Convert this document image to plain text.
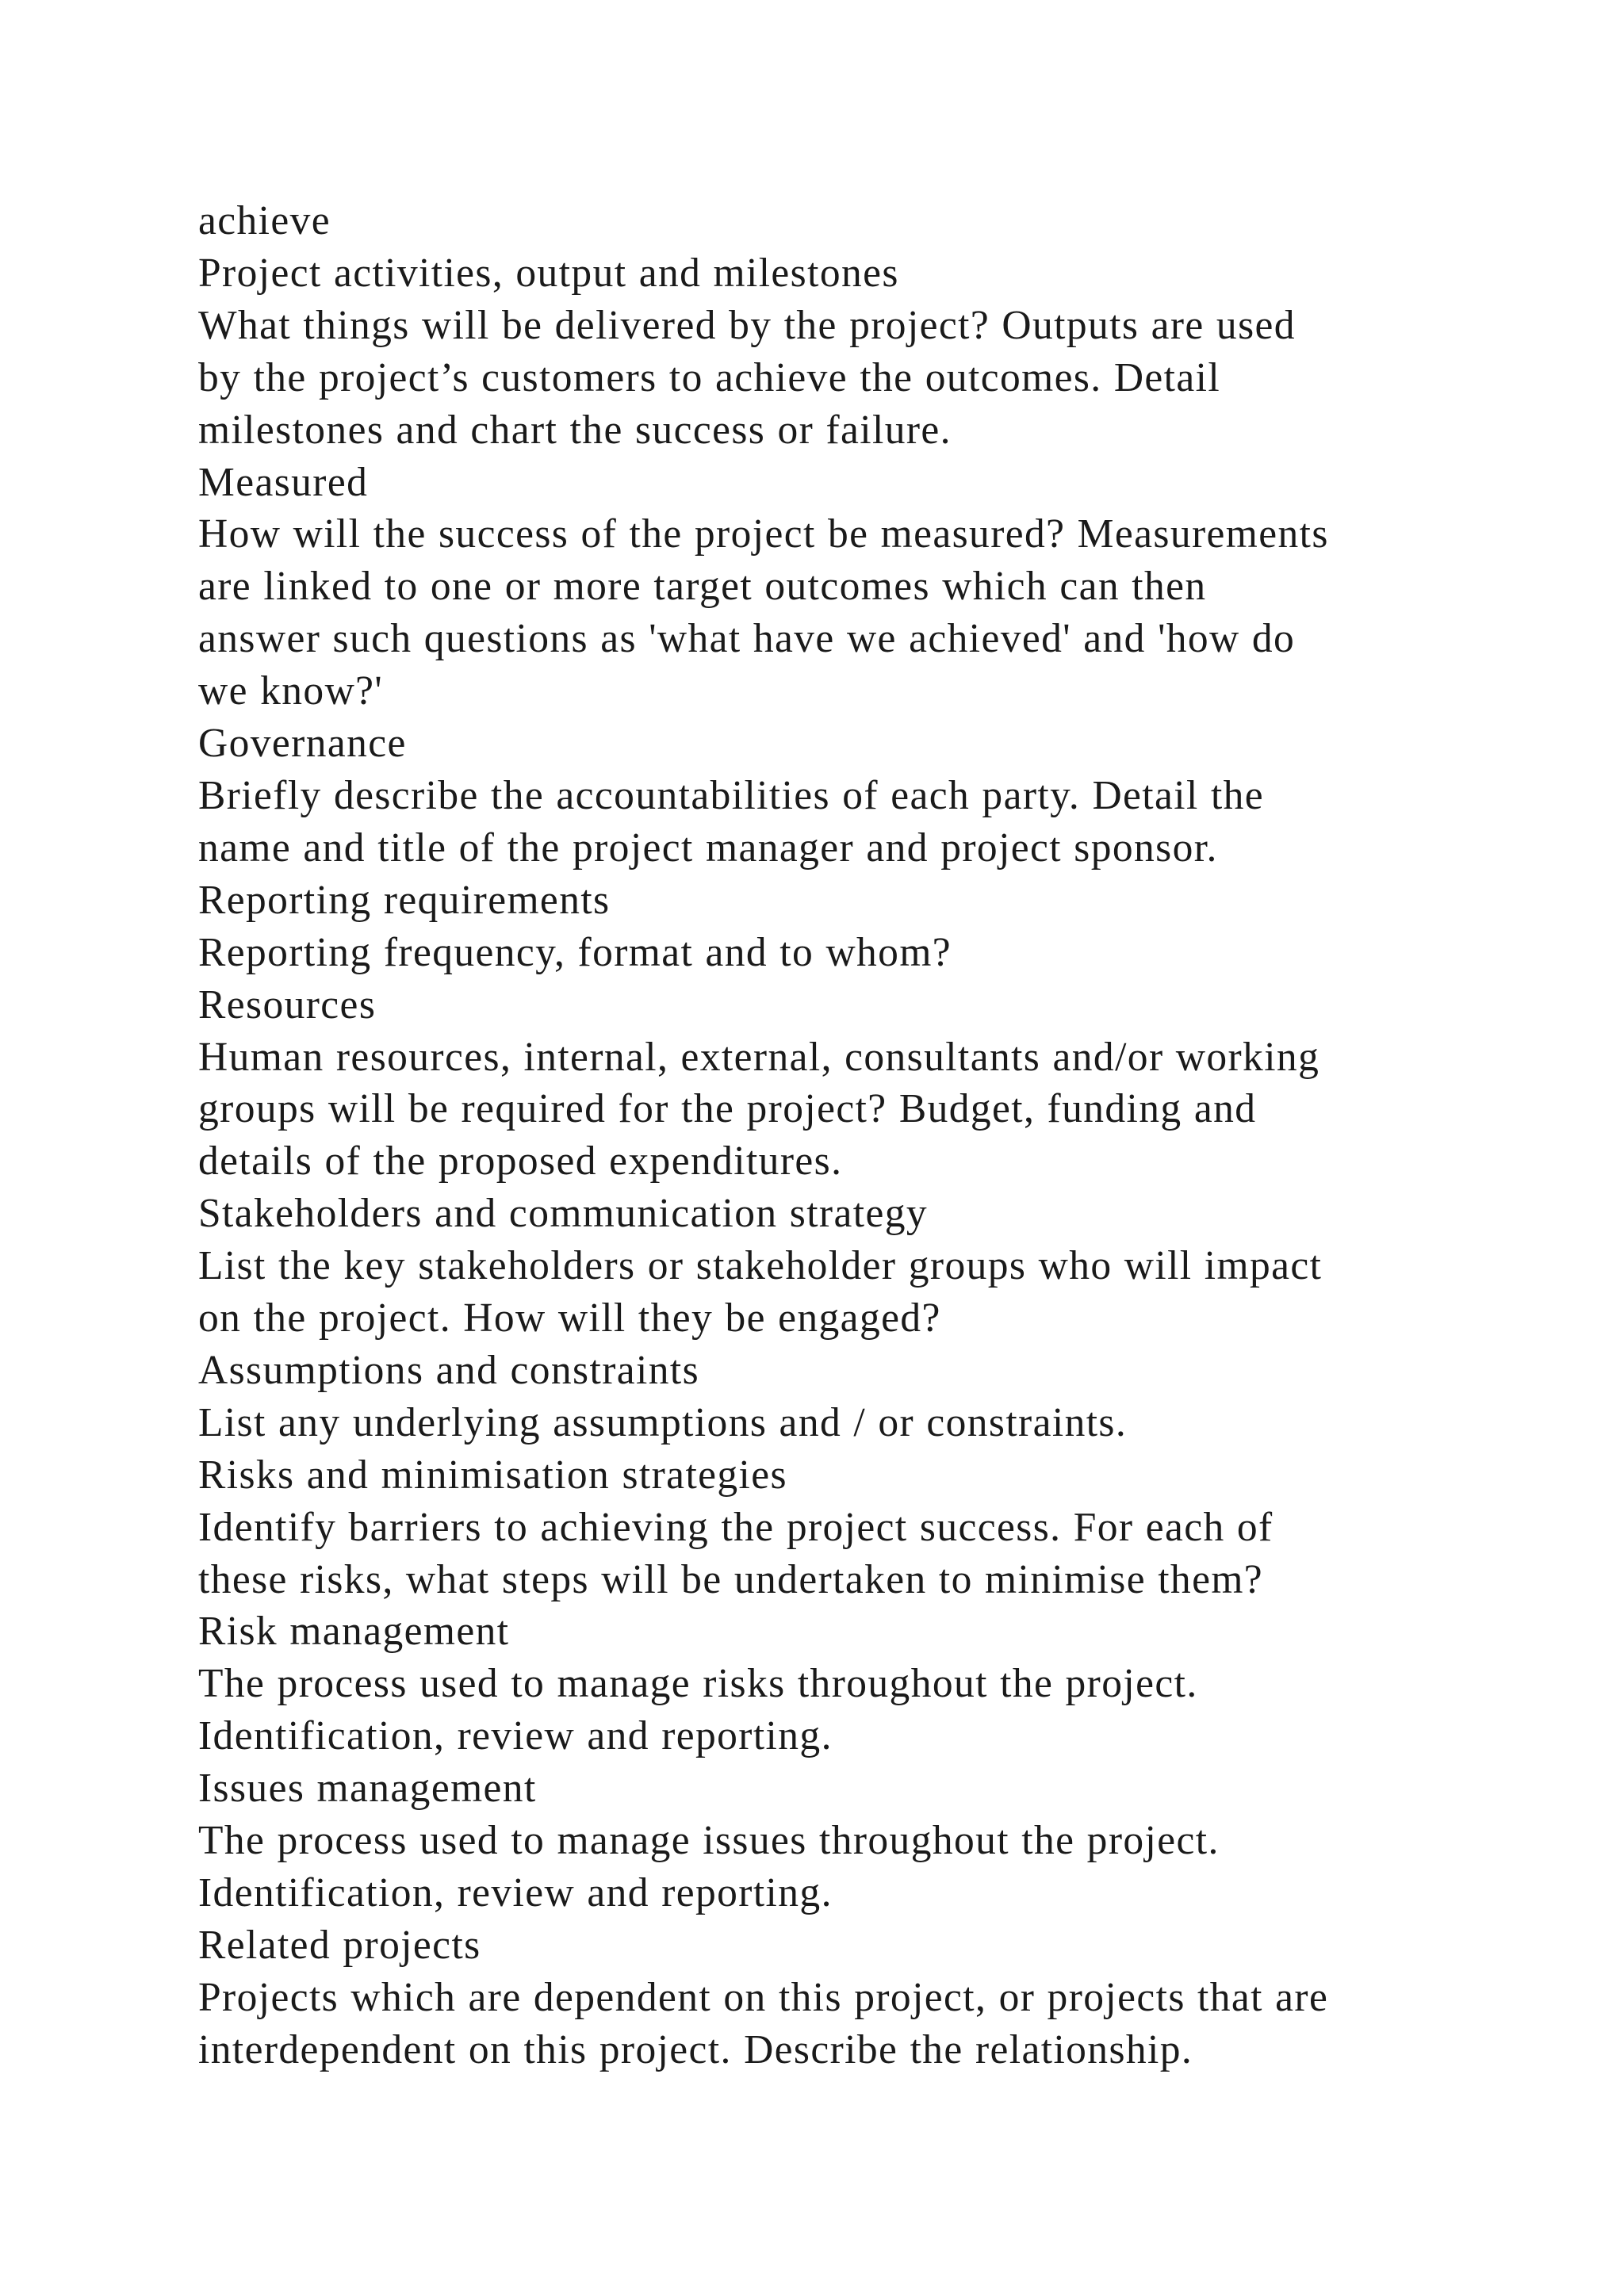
achieve
Project activities, output and milestones
What things will be delivered by the project? Outputs are used
by the project’s customers to achieve the outcomes. Detail
milestones and chart the success or failure.
Measured
How will the success of the project be measured? Measurements
are linked to one or more target outcomes which can then
answer such questions as 'what have we achieved' and 'how do
we know?'
Governance
Briefly describe the accountabilities of each party. Detail the
name and title of the project manager and project sponsor.
Reporting requirements
Reporting frequency, format and to whom?
Resources
Human resources, internal, external, consultants and/or working
groups will be required for the project? Budget, funding and
details of the proposed expenditures.
Stakeholders and communication strategy
List the key stakeholders or stakeholder groups who will impact
on the project. How will they be engaged?
Assumptions and constraints
List any underlying assumptions and / or constraints.
Risks and minimisation strategies
Identify barriers to achieving the project success. For each of
these risks, what steps will be undertaken to minimise them?
Risk management
The process used to manage risks throughout the project.
Identification, review and reporting.
Issues management
The process used to manage issues throughout the project.
Identification, review and reporting.
Related projects
Projects which are dependent on this project, or projects that are
interdependent on this project. Describe the relationship.
